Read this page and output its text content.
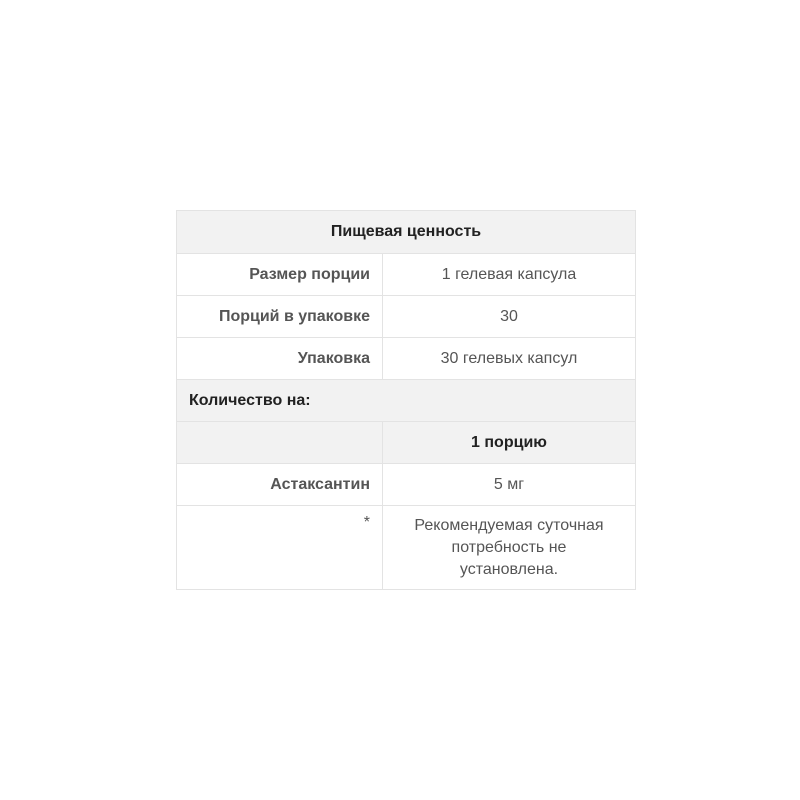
Пищевая ценность	
Размер порции	1 гелевая капсула
Порций в упаковке	30
Упаковка	30 гелевых капсул
Количество на:	
	1 порцию
Астаксантин	5 мг
*	Рекомендуемая суточная потребность не установлена.
